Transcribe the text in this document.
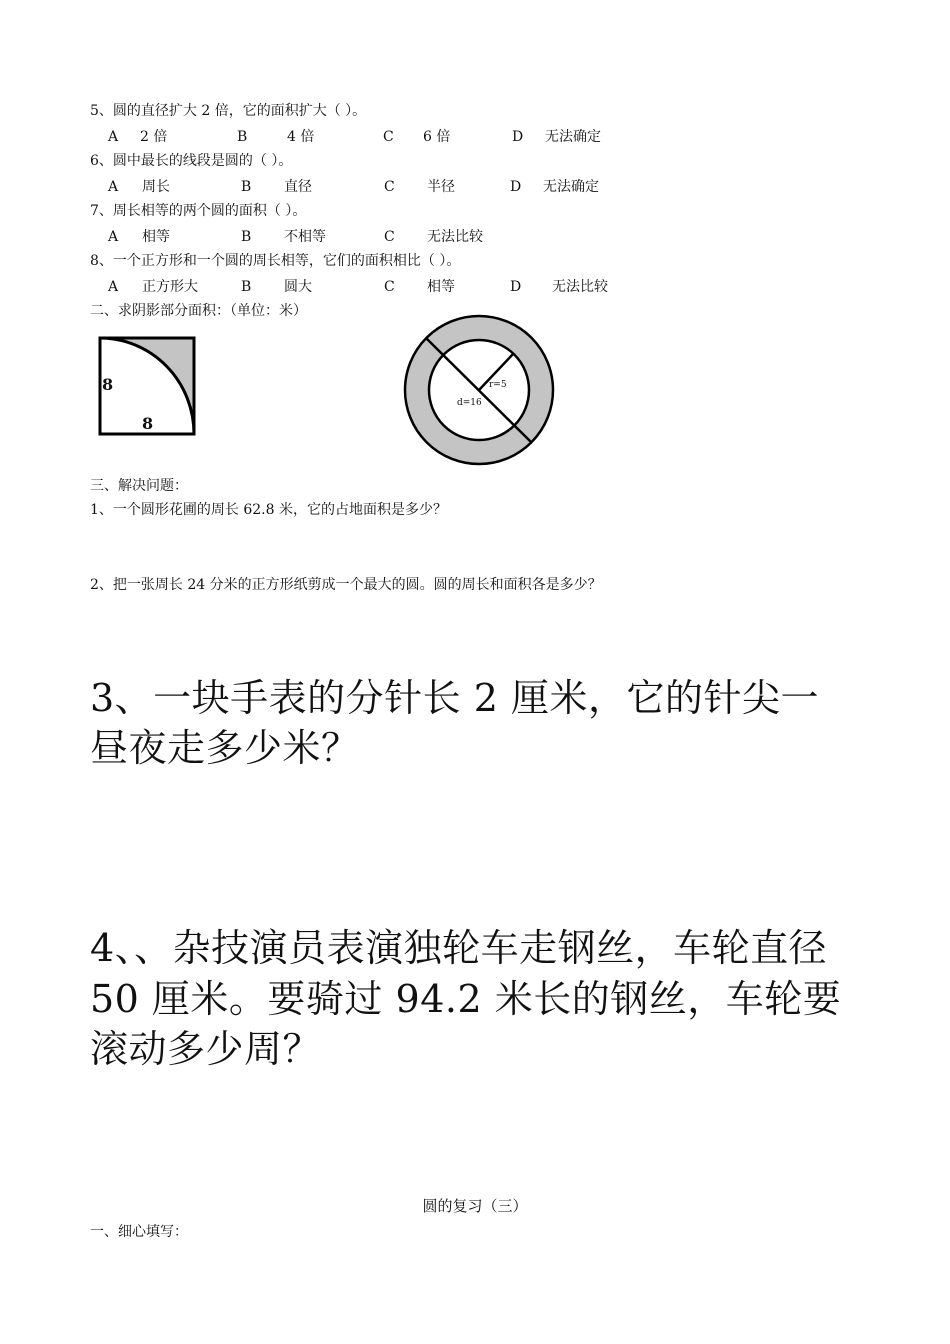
5、圆的直径扩大 2 倍，它的面积扩大（ ）。
A 2 倍	B	4 倍	C 6 倍	D 无法确定
6、圆中最长的线段是圆的（ ）。
A 周长	B 直径	C 半径	D 无法确定
7、周长相等的两个圆的面积（ ）。
A 相等	B 不相等	C 无法比较
8、一个正方形和一个圆的周长相等，它们的面积相比（ ）。
A 正方形大	B 圆大	C 相等	D 无法比较
二、求阴影部分面积：（单位：米）
8
8
r=5
d=16
三、解决问题：
1、一个圆形花圃的周长 62.8 米，它的占地面积是多少？
2、把一张周长 24 分米的正方形纸剪成一个最大的圆。圆的周长和面积各是多少？
3、一块手表的分针长 2 厘米，它的针尖一
昼夜走多少米？
4、、杂技演员表演独轮车走钢丝，车轮直径
50 厘米。要骑过 94.2 米长的钢丝，车轮要
滚动多少周？
圆的复习（三）
一、细心填写：
